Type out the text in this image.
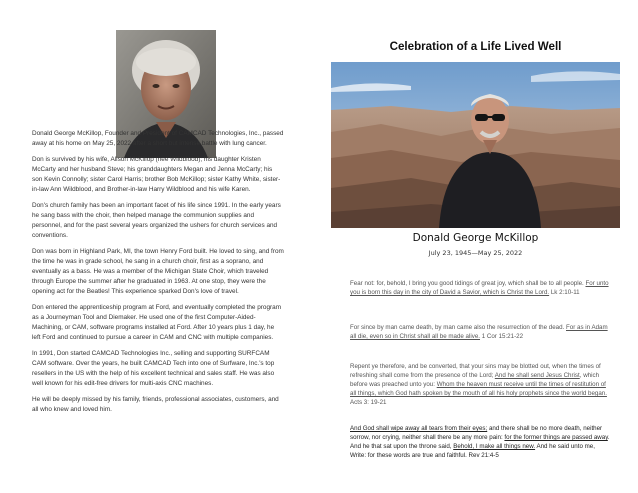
Donald George McKillop, Founder and President of CAMCAD Technologies, Inc., passed away at his home on May 25, 2022 after a short but intense battle with lung cancer.

Don is survived by his wife, Alison McKillop (nee Wildblood); his daughter Kristen McCarty and her husband Steve; his granddaughters Megan and Jenna McCarty; his son Kevin Connolly; sister Carol Harris; brother Bob McKillop; sister Kathy White, sister-in-law Ann Wildblood, and Brother-in-law Harry Wildblood and his wife Karen.

Don's church family has been an important facet of his life since 1991. In the early years he sang bass with the choir, then helped manage the communion supplies and personnel, and for the past several years organized the ushers for church services and conventions.

Don was born in Highland Park, MI, the town Henry Ford built. He loved to sing, and from the time he was in grade school, he sang in a church choir, first as a soprano, and eventually as a bass. He was a member of the Michigan State Choir, which traveled through Europe the summer after he graduated in 1963. At one stop, they were the opening act for the Beatles! This experience sparked Don's love of travel.

Don entered the apprenticeship program at Ford, and eventually completed the program as a Journeyman Tool and Diemaker. He used one of the first Computer-Aided-Machining, or CAM, software programs installed at Ford. After 10 years plus 1 day, he left Ford and continued to pursue a career in CAM and CNC with multiple companies.

In 1991, Don started CAMCAD Technologies Inc., selling and supporting SURFCAM CAM software. Over the years, he built CAMCAD Tech into one of Surfware, Inc.'s top resellers in the US with the help of his excellent technical and sales staff. He was also well known for his edit-free drivers for multi-axis CNC machines.

He will be deeply missed by his family, friends, professional associates, customers, and all who knew and loved him.

Celebration of a Life Lived Well
Donald George McKillop
July 23, 1945—May 25, 2022
Fear not: for, behold, I bring you good tidings of great joy, which shall be to all people. For unto you is born this day in the city of David a Savior, which is Christ the Lord. Lk 2:10-11
For since by man came death, by man came also the resurrection of the dead. For as in Adam all die, even so in Christ shall all be made alive. 1 Cor 15:21-22
Repent ye therefore, and be converted, that your sins may be blotted out, when the times of refreshing shall come from the presence of the Lord; And he shall send Jesus Christ, which before was preached unto you: Whom the heaven must receive until the times of restitution of all things, which God hath spoken by the mouth of all his holy prophets since the world began. Acts 3: 19-21
And God shall wipe away all tears from their eyes; and there shall be no more death, neither sorrow, nor crying, neither shall there be any more pain: for the former things are passed away. And he that sat upon the throne said, Behold, I make all things new. And he said unto me, Write: for these words are true and faithful. Rev 21:4-5
